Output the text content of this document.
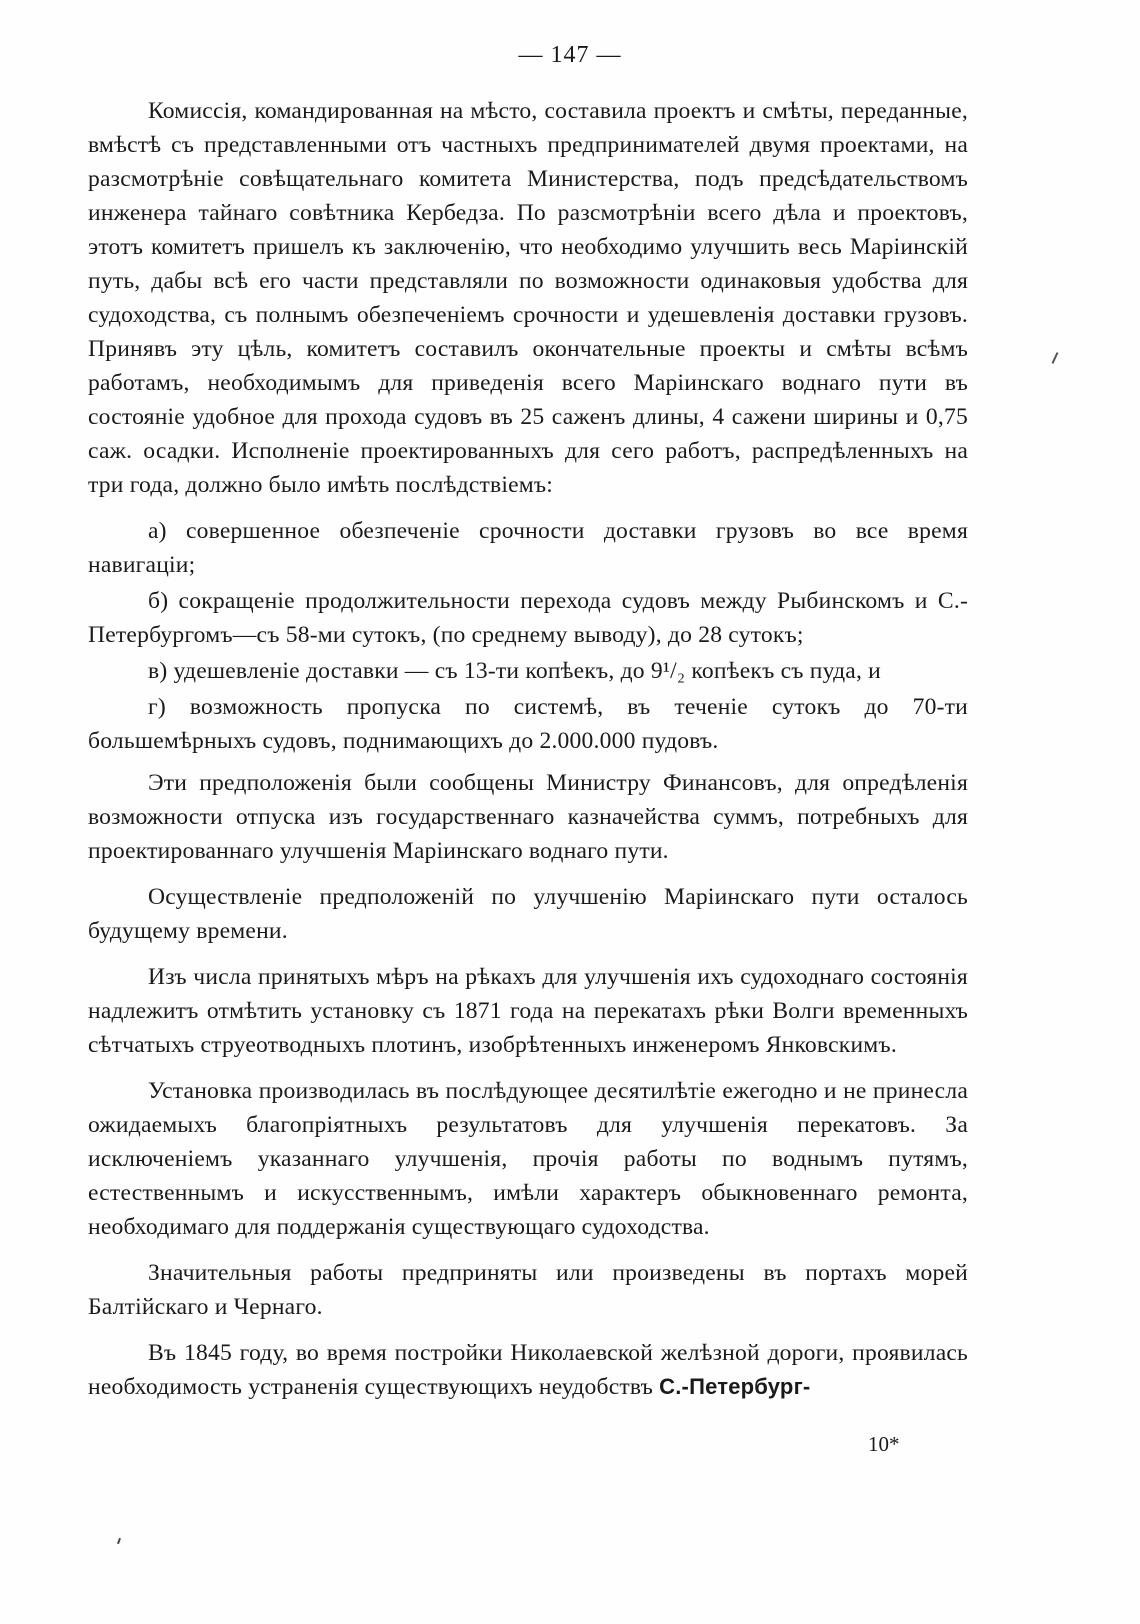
— 147 —

Комиссія, командированная на мѣсто, составила проектъ и смѣты, переданные, вмѣстѣ съ представленными отъ частныхъ предпринимателей двумя проектами, на разсмотрѣніе совѣщательнаго комитета Министерства, подъ предсѣдательствомъ инженера тайнаго совѣтника Кербедза. По разсмотрѣніи всего дѣла и проектовъ, этотъ комитетъ пришелъ къ заключенію, что необходимо улучшить весь Маріинскій путь, дабы всѣ его части представляли по возможности одинаковыя удобства для судоходства, съ полнымъ обезпеченіемъ срочности и удешевленія доставки грузовъ. Принявъ эту цѣль, комитетъ составилъ окончательные проекты и смѣты всѣмъ работамъ, необходимымъ для приведенія всего Маріинскаго воднаго пути въ состояніе удобное для прохода судовъ въ 25 саженъ длины, 4 сажени ширины и 0,75 саж. осадки. Исполненіе проектированныхъ для сего работъ, распредѣленныхъ на три года, должно было имѣть послѣдствіемъ:

а) совершенное обезпеченіе срочности доставки грузовъ во все время навигаціи;

б) сокращеніе продолжительности перехода судовъ между Рыбинскомъ и С.-Петербургомъ—съ 58-ми сутокъ, (по среднему выводу), до 28 сутокъ;

в) удешевленіе доставки — съ 13-ти копѣекъ, до 9¹/₂ копѣекъ съ пуда, и

г) возможность пропуска по системѣ, въ теченіе сутокъ до 70-ти большемѣрныхъ судовъ, поднимающихъ до 2.000.000 пудовъ.

Эти предположенія были сообщены Министру Финансовъ, для опредѣленія возможности отпуска изъ государственнаго казначейства суммъ, потребныхъ для проектированнаго улучшенія Маріинскаго воднаго пути.

Осуществленіе предположеній по улучшенію Маріинскаго пути осталось будущему времени.

Изъ числа принятыхъ мѣръ на рѣкахъ для улучшенія ихъ судоходнаго состоянія надлежитъ отмѣтить установку съ 1871 года на перекатахъ рѣки Волги временныхъ сѣтчатыхъ струеотводныхъ плотинъ, изобрѣтенныхъ инженеромъ Янковскимъ.

Установка производилась въ послѣдующее десятилѣтіе ежегодно и не принесла ожидаемыхъ благопріятныхъ результатовъ для улучшенія перекатовъ. За исключеніемъ указаннаго улучшенія, прочія работы по воднымъ путямъ, естественнымъ и искусственнымъ, имѣли характеръ обыкновеннаго ремонта, необходимаго для поддержанія существующаго судоходства.

Значительныя работы предприняты или произведены въ портахъ морей Балтійскаго и Чернаго.

Въ 1845 году, во время постройки Николаевской желѣзной дороги, проявилась необходимость устраненія существующихъ неудобствъ С.-Петербург-

10*
